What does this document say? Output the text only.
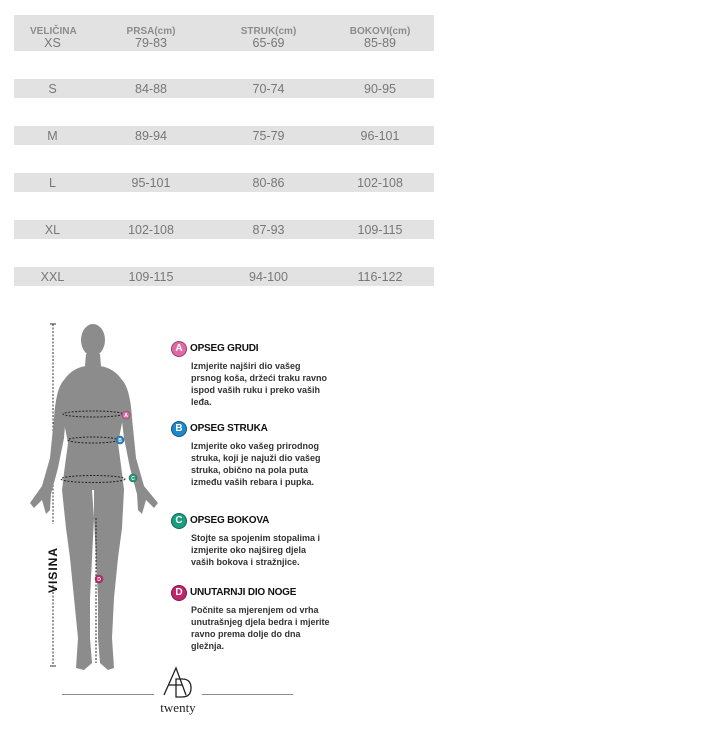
VELIČINA	PRSA(cm)	STRUK(cm)	BOKOVI(cm)
XS	79-83	65-69	85-89
S	84-88	70-74	90-95
M	89-94	75-79	96-101
L	95-101	80-86	102-108
XL	102-108	87-93	109-115
XXL	109-115	94-100	116-122
A
B
C
D
VISINA
A OPSEG GRUDI
Izmjerite najširi dio vašeg prsnog koša, držeći traku ravno ispod vaših ruku i preko vaših leđa.
B OPSEG STRUKA
Izmjerite oko vašeg prirodnog struka, koji je najuži dio vašeg struka, obično na pola puta između vaših rebara i pupka.
C OPSEG BOKOVA
Stojte sa spojenim stopalima i izmjerite oko najšireg djela vaših bokova i stražnjice.
D UNUTARNJI DIO NOGE
Počnite sa mjerenjem od vrha unutrašnjeg djela bedra i mjerite ravno prema dolje do dna gležnja.
twenty
